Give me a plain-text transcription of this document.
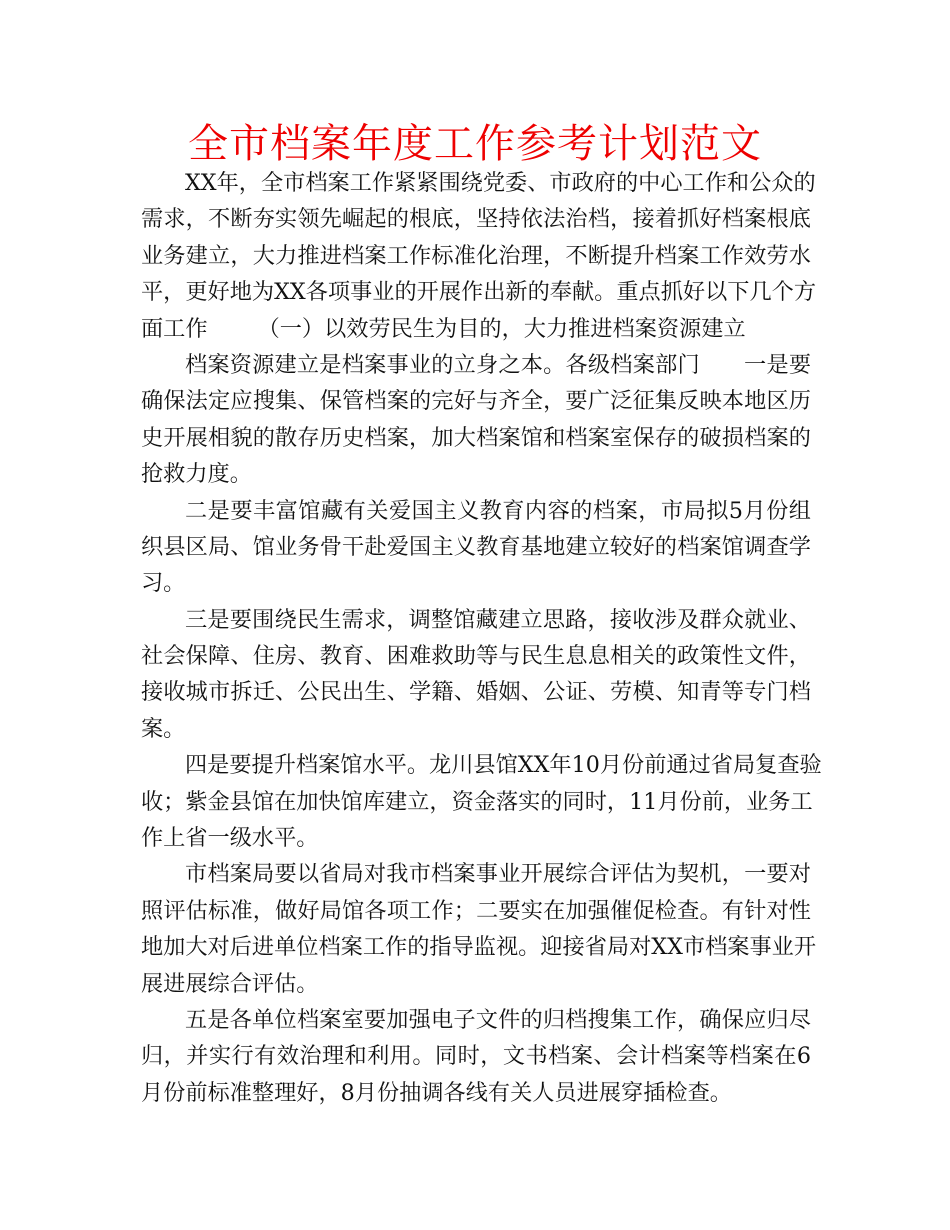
全市档案年度工作参考计划范文
XX年，全市档案工作紧紧围绕党委、市政府的中心工作和公众的
需求，不断夯实领先崛起的根底，坚持依法治档，接着抓好档案根底
业务建立，大力推进档案工作标准化治理，不断提升档案工作效劳水
平，更好地为XX各项事业的开展作出新的奉献。重点抓好以下几个方
面工作 （一）以效劳民生为目的，大力推进档案资源建立
档案资源建立是档案事业的立身之本。各级档案部门 一是要
确保法定应搜集、保管档案的完好与齐全，要广泛征集反映本地区历
史开展相貌的散存历史档案，加大档案馆和档案室保存的破损档案的
抢救力度。
二是要丰富馆藏有关爱国主义教育内容的档案，市局拟5月份组
织县区局、馆业务骨干赴爱国主义教育基地建立较好的档案馆调查学
习。
三是要围绕民生需求，调整馆藏建立思路，接收涉及群众就业、
社会保障、住房、教育、困难救助等与民生息息相关的政策性文件，
接收城市拆迁、公民出生、学籍、婚姻、公证、劳模、知青等专门档
案。
四是要提升档案馆水平。龙川县馆XX年10月份前通过省局复查验
收；紫金县馆在加快馆库建立，资金落实的同时，11月份前，业务工
作上省一级水平。
市档案局要以省局对我市档案事业开展综合评估为契机，一要对
照评估标准，做好局馆各项工作；二要实在加强催促检查。有针对性
地加大对后进单位档案工作的指导监视。迎接省局对XX市档案事业开
展进展综合评估。
五是各单位档案室要加强电子文件的归档搜集工作，确保应归尽
归，并实行有效治理和利用。同时，文书档案、会计档案等档案在6
月份前标准整理好，8月份抽调各线有关人员进展穿插检查。
